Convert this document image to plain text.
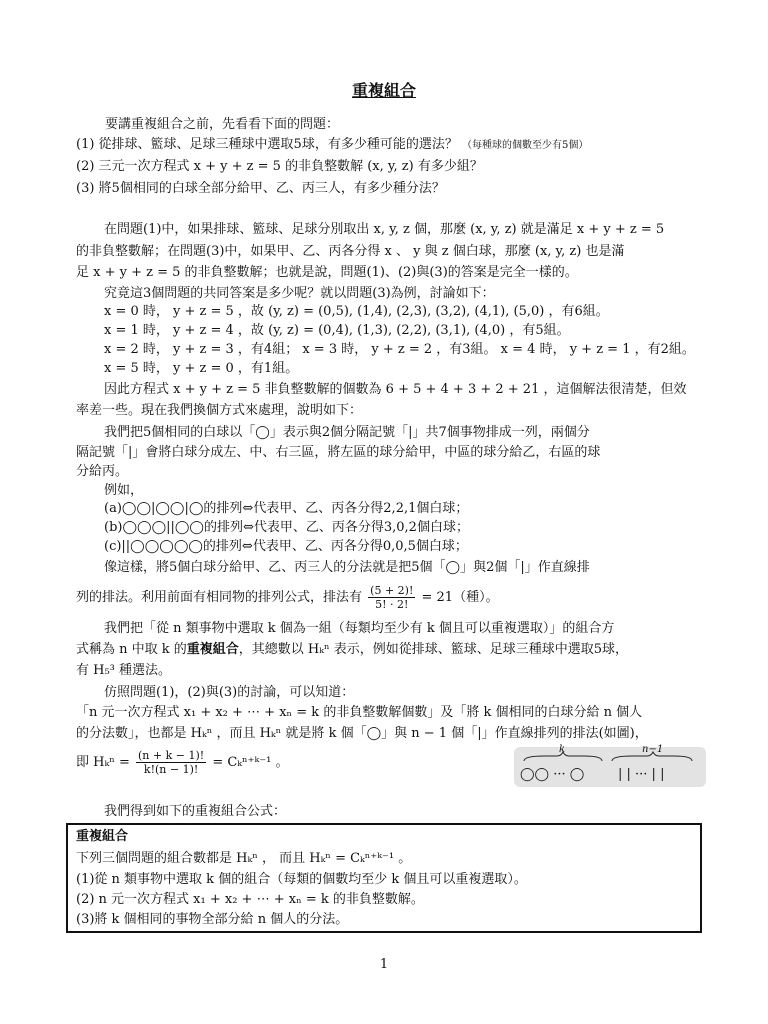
重複組合
要講重複組合之前，先看看下面的問題：
(1) 從排球、籃球、足球三種球中選取5球，有多少種可能的選法？ （每種球的個數至少有5個）
(2) 三元一次方程式 x + y + z = 5 的非負整數解 (x, y, z) 有多少組？
(3) 將5個相同的白球全部分給甲、乙、丙三人，有多少種分法？
在問題(1)中，如果排球、籃球、足球分別取出 x, y, z 個，那麼 (x, y, z) 就是滿足 x + y + z = 5
的非負整數解；在問題(3)中，如果甲、乙、丙各分得 x 、 y 與 z 個白球，那麼 (x, y, z) 也是滿
足 x + y + z = 5 的非負整數解；也就是說，問題(1)、(2)與(3)的答案是完全一樣的。
究竟這3個問題的共同答案是多少呢？就以問題(3)為例，討論如下：
x = 0 時， y + z = 5 ，故 (y, z) = (0,5), (1,4), (2,3), (3,2), (4,1), (5,0) ，有6組。
x = 1 時， y + z = 4 ，故 (y, z) = (0,4), (1,3), (2,2), (3,1), (4,0) ，有5組。
x = 2 時， y + z = 3 ，有4組； x = 3 時， y + z = 2 ，有3組。 x = 4 時， y + z = 1 ，有2組。
x = 5 時， y + z = 0 ，有1組。
因此方程式 x + y + z = 5 非負整數解的個數為 6 + 5 + 4 + 3 + 2 + 21 ，這個解法很清楚，但效
率差一些。現在我們換個方式來處理，說明如下：
我們把5個相同的白球以「◯」表示與2個分隔記號「|」共7個事物排成一列，兩個分
隔記號「|」會將白球分成左、中、右三區，將左區的球分給甲，中區的球分給乙，右區的球
分給丙。
例如，
(a)◯◯|◯◯|◯的排列⇔代表甲、乙、丙各分得2,2,1個白球；
(b)◯◯◯||◯◯的排列⇔代表甲、乙、丙各分得3,0,2個白球；
(c)||◯◯◯◯◯的排列⇔代表甲、乙、丙各分得0,0,5個白球；
像這樣，將5個白球分給甲、乙、丙三人的分法就是把5個「◯」與2個「|」作直線排
列的排法。利用前面有相同物的排列公式，排法有 $\frac{(5 + 2)!}{5! \cdot 2!} = 21$（種）。
我們把「從 n 類事物中選取 k 個為一組（每類均至少有 k 個且可以重複選取）」的組合方
式稱為 n 中取 k 的重複組合，其總數以 Hₖⁿ 表示，例如從排球、籃球、足球三種球中選取5球，
有 H₅³ 種選法。
仿照問題(1)，(2)與(3)的討論，可以知道：
「n 元一次方程式 x₁ + x₂ + ⋯ + xₙ = k 的非負整數解個數」及「將 k 個相同的白球分給 n 個人
的分法數」，也都是 Hₖⁿ ，而且 Hₖⁿ 就是將 k 個「◯」與 n − 1 個「|」作直線排列的排法(如圖)，
即 $H_k^n = \frac{(n + k - 1)!}{k!(n - 1)!}$ = Cₖⁿ⁺ᵏ⁻¹ 。
k	n−1
◯◯ ··· ◯	| | ··· | |
我們得到如下的重複組合公式：
重複組合
下列三個問題的組合數都是 Hₖⁿ ， 而且 Hₖⁿ = Cₖⁿ⁺ᵏ⁻¹ 。
(1)從 n 類事物中選取 k 個的組合（每類的個數均至少 k 個且可以重複選取）。
(2) n 元一次方程式 x₁ + x₂ + ⋯ + xₙ = k 的非負整數解。
(3)將 k 個相同的事物全部分給 n 個人的分法。
1
